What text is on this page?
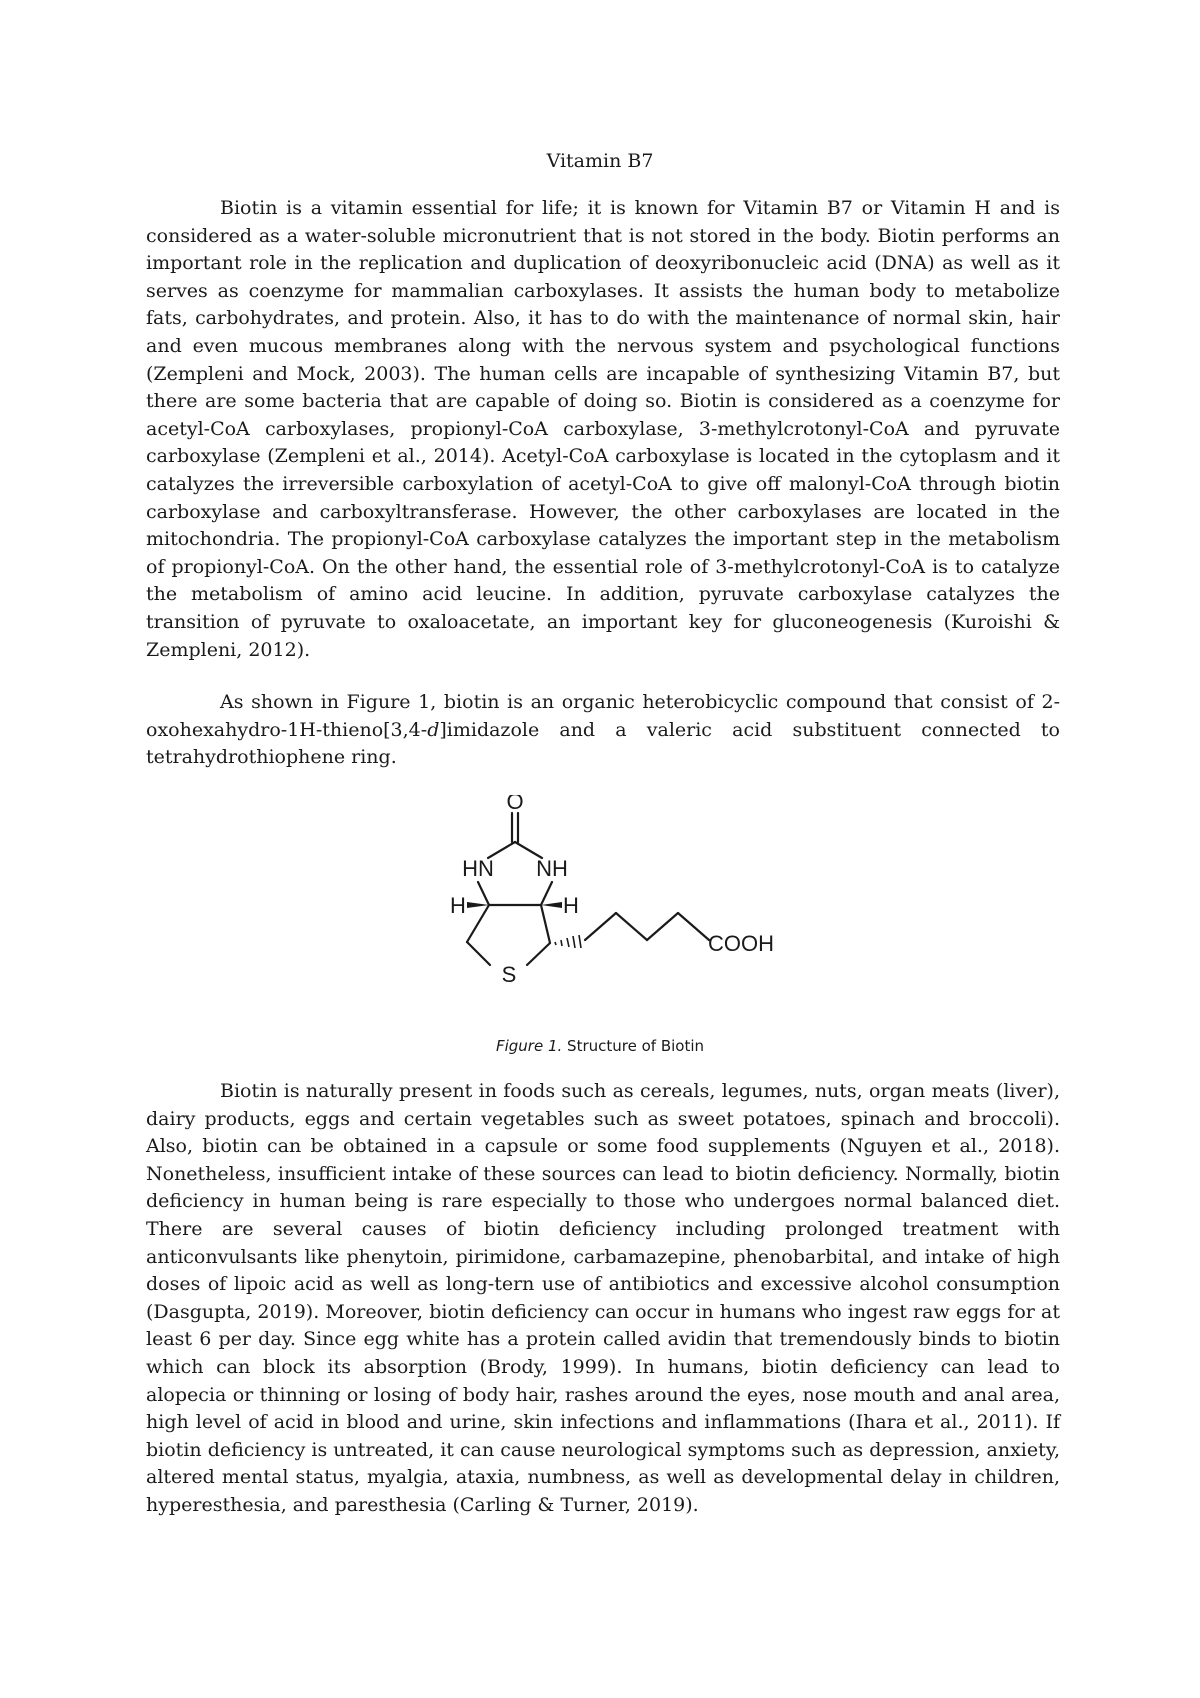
Vitamin B7

Biotin is a vitamin essential for life; it is known for Vitamin B7 or Vitamin H and is considered as a water-soluble micronutrient that is not stored in the body. Biotin performs an important role in the replication and duplication of deoxyribonucleic acid (DNA) as well as it serves as coenzyme for mammalian carboxylases. It assists the human body to metabolize fats, carbohydrates, and protein. Also, it has to do with the maintenance of normal skin, hair and even mucous membranes along with the nervous system and psychological functions (Zempleni and Mock, 2003). The human cells are incapable of synthesizing Vitamin B7, but there are some bacteria that are capable of doing so. Biotin is considered as a coenzyme for acetyl-CoA carboxylases, propionyl-CoA carboxylase, 3-methylcrotonyl-CoA and pyruvate carboxylase (Zempleni et al., 2014). Acetyl-CoA carboxylase is located in the cytoplasm and it catalyzes the irreversible carboxylation of acetyl-CoA to give off malonyl-CoA through biotin carboxylase and carboxyltransferase. However, the other carboxylases are located in the mitochondria. The propionyl-CoA carboxylase catalyzes the important step in the metabolism of propionyl-CoA. On the other hand, the essential role of 3-methylcrotonyl-CoA is to catalyze the metabolism of amino acid leucine. In addition, pyruvate carboxylase catalyzes the transition of pyruvate to oxaloacetate, an important key for gluconeogenesis (Kuroishi & Zempleni, 2012).

As shown in Figure 1, biotin is an organic heterobicyclic compound that consist of 2-oxohexahydro-1H-thieno[3,4-d]imidazole and a valeric acid substituent connected to tetrahydrothiophene ring.

O
HN NH
H	H
S
COOH
Figure 1. Structure of Biotin

Biotin is naturally present in foods such as cereals, legumes, nuts, organ meats (liver), dairy products, eggs and certain vegetables such as sweet potatoes, spinach and broccoli). Also, biotin can be obtained in a capsule or some food supplements (Nguyen et al., 2018). Nonetheless, insufficient intake of these sources can lead to biotin deficiency. Normally, biotin deficiency in human being is rare especially to those who undergoes normal balanced diet. There are several causes of biotin deficiency including prolonged treatment with anticonvulsants like phenytoin, pirimidone, carbamazepine, phenobarbital, and intake of high doses of lipoic acid as well as long-tern use of antibiotics and excessive alcohol consumption (Dasgupta, 2019). Moreover, biotin deficiency can occur in humans who ingest raw eggs for at least 6 per day. Since egg white has a protein called avidin that tremendously binds to biotin which can block its absorption (Brody, 1999). In humans, biotin deficiency can lead to alopecia or thinning or losing of body hair, rashes around the eyes, nose mouth and anal area, high level of acid in blood and urine, skin infections and inflammations (Ihara et al., 2011). If biotin deficiency is untreated, it can cause neurological symptoms such as depression, anxiety, altered mental status, myalgia, ataxia, numbness, as well as developmental delay in children, hyperesthesia, and paresthesia (Carling & Turner, 2019).
